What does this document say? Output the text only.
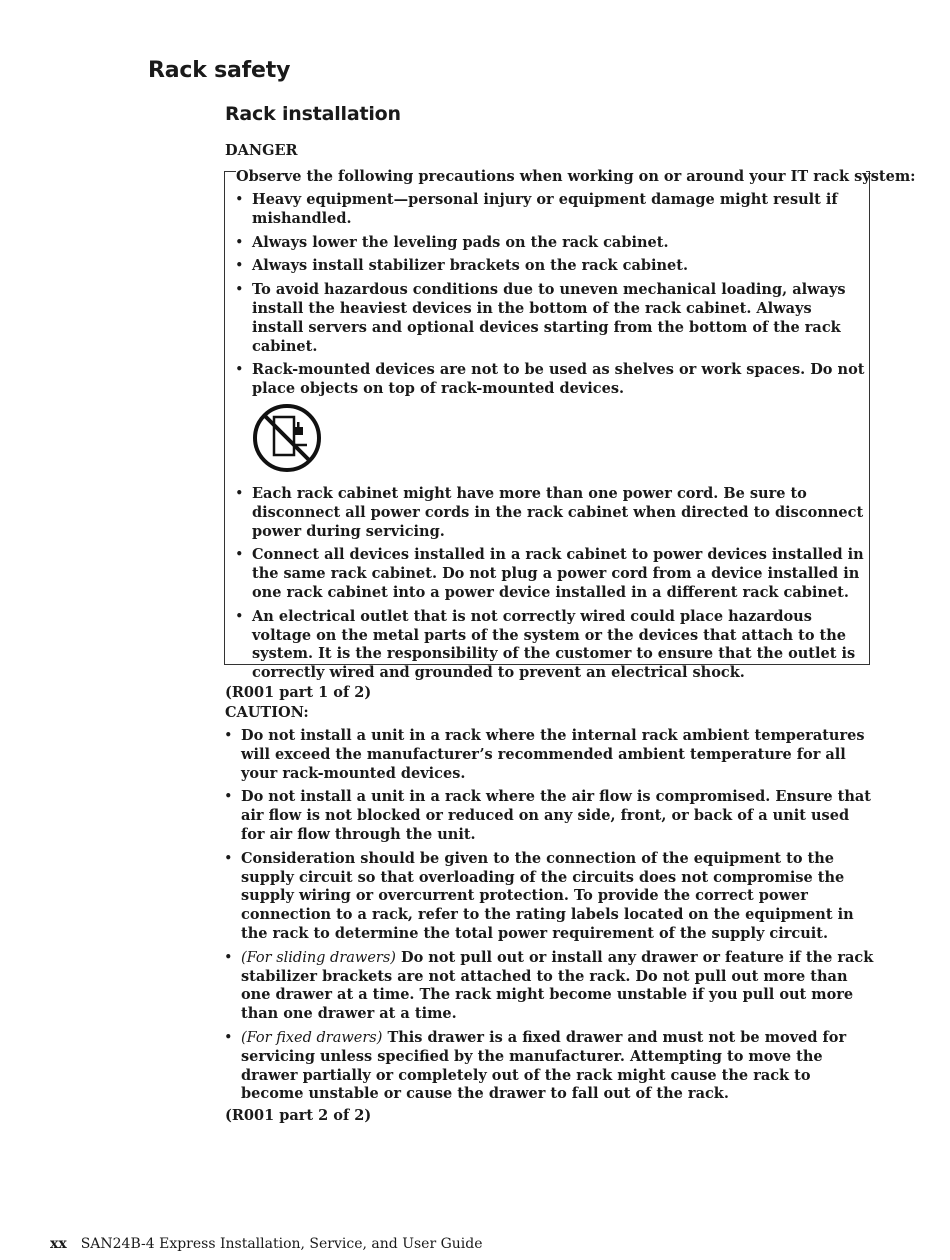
Rack safety
Rack installation

DANGER

Observe the following precautions when working on or around your IT rack system:

• Heavy equipment—personal injury or equipment damage might result if mishandled.
• Always lower the leveling pads on the rack cabinet.
• Always install stabilizer brackets on the rack cabinet.
• To avoid hazardous conditions due to uneven mechanical loading, always install the heaviest devices in the bottom of the rack cabinet. Always install servers and optional devices starting from the bottom of the rack cabinet.
• Rack-mounted devices are not to be used as shelves or work spaces. Do not place objects on top of rack-mounted devices.
• Each rack cabinet might have more than one power cord. Be sure to disconnect all power cords in the rack cabinet when directed to disconnect power during servicing.
• Connect all devices installed in a rack cabinet to power devices installed in the same rack cabinet. Do not plug a power cord from a device installed in one rack cabinet into a power device installed in a different rack cabinet.
• An electrical outlet that is not correctly wired could place hazardous voltage on the metal parts of the system or the devices that attach to the system. It is the responsibility of the customer to ensure that the outlet is correctly wired and grounded to prevent an electrical shock.

(R001 part 1 of 2)

CAUTION:

• Do not install a unit in a rack where the internal rack ambient temperatures will exceed the manufacturer’s recommended ambient temperature for all your rack-mounted devices.
• Do not install a unit in a rack where the air flow is compromised. Ensure that air flow is not blocked or reduced on any side, front, or back of a unit used for air flow through the unit.
• Consideration should be given to the connection of the equipment to the supply circuit so that overloading of the circuits does not compromise the supply wiring or overcurrent protection. To provide the correct power connection to a rack, refer to the rating labels located on the equipment in the rack to determine the total power requirement of the supply circuit.
• (For sliding drawers) Do not pull out or install any drawer or feature if the rack stabilizer brackets are not attached to the rack. Do not pull out more than one drawer at a time. The rack might become unstable if you pull out more than one drawer at a time.
• (For fixed drawers) This drawer is a fixed drawer and must not be moved for servicing unless specified by the manufacturer. Attempting to move the drawer partially or completely out of the rack might cause the rack to become unstable or cause the drawer to fall out of the rack.

(R001 part 2 of 2)

xx SAN24B-4 Express Installation, Service, and User Guide
